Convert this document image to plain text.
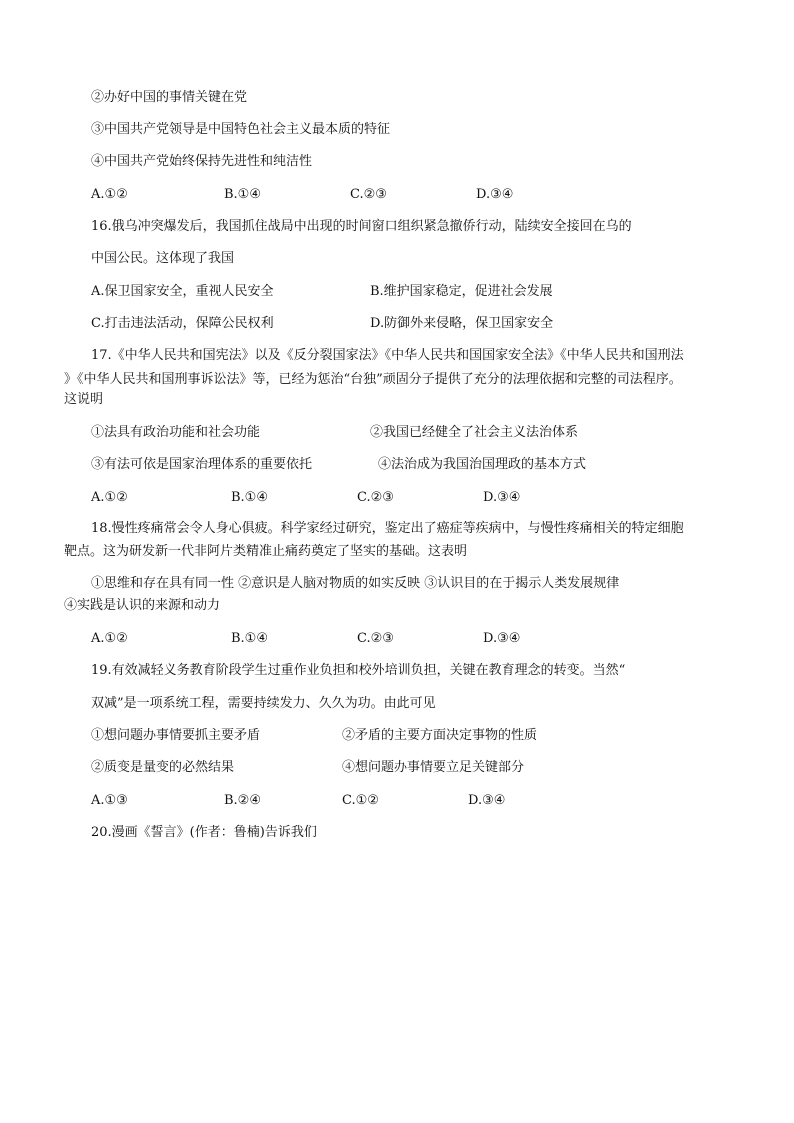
②办好中国的事情关键在党
③中国共产党领导是中国特色社会主义最本质的特征
④中国共产党始终保持先进性和纯洁性
A.①②	B.①④	C.②③	D.③④
16.俄乌冲突爆发后，我国抓住战局中出现的时间窗口组织紧急撤侨行动，陆续安全接回在乌的
中国公民。这体现了我国
A.保卫国家安全，重视人民安全	B.维护国家稳定，促进社会发展
C.打击违法活动，保障公民权利	D.防御外来侵略，保卫国家安全
17.《中华人民共和国宪法》以及《反分裂国家法》《中华人民共和国国家安全法》《中华人民共和国刑法
》《中华人民共和国刑事诉讼法》等，已经为惩治“台独”顽固分子提供了充分的法理依据和完整的司法程序。
这说明
①法具有政治功能和社会功能	②我国已经健全了社会主义法治体系
③有法可依是国家治理体系的重要依托	④法治成为我国治国理政的基本方式
A.①②	B.①④	C.②③	D.③④
18.慢性疼痛常会令人身心俱疲。科学家经过研究，鉴定出了癌症等疾病中，与慢性疼痛相关的特定细胞
靶点。这为研发新一代非阿片类精准止痛药奠定了坚实的基础。这表明
①思维和存在具有同一性 ②意识是人脑对物质的如实反映 ③认识目的在于揭示人类发展规律
④实践是认识的来源和动力
A.①②	B.①④	C.②③	D.③④
19.有效减轻义务教育阶段学生过重作业负担和校外培训负担，关键在教育理念的转变。当然“
双减”是一项系统工程，需要持续发力、久久为功。由此可见
①想问题办事情要抓主要矛盾	②矛盾的主要方面决定事物的性质
②质变是量变的必然结果	④想问题办事情要立足关键部分
A.①③	B.②④	C.①②	D.③④
20.漫画《誓言》(作者：鲁楠)告诉我们
